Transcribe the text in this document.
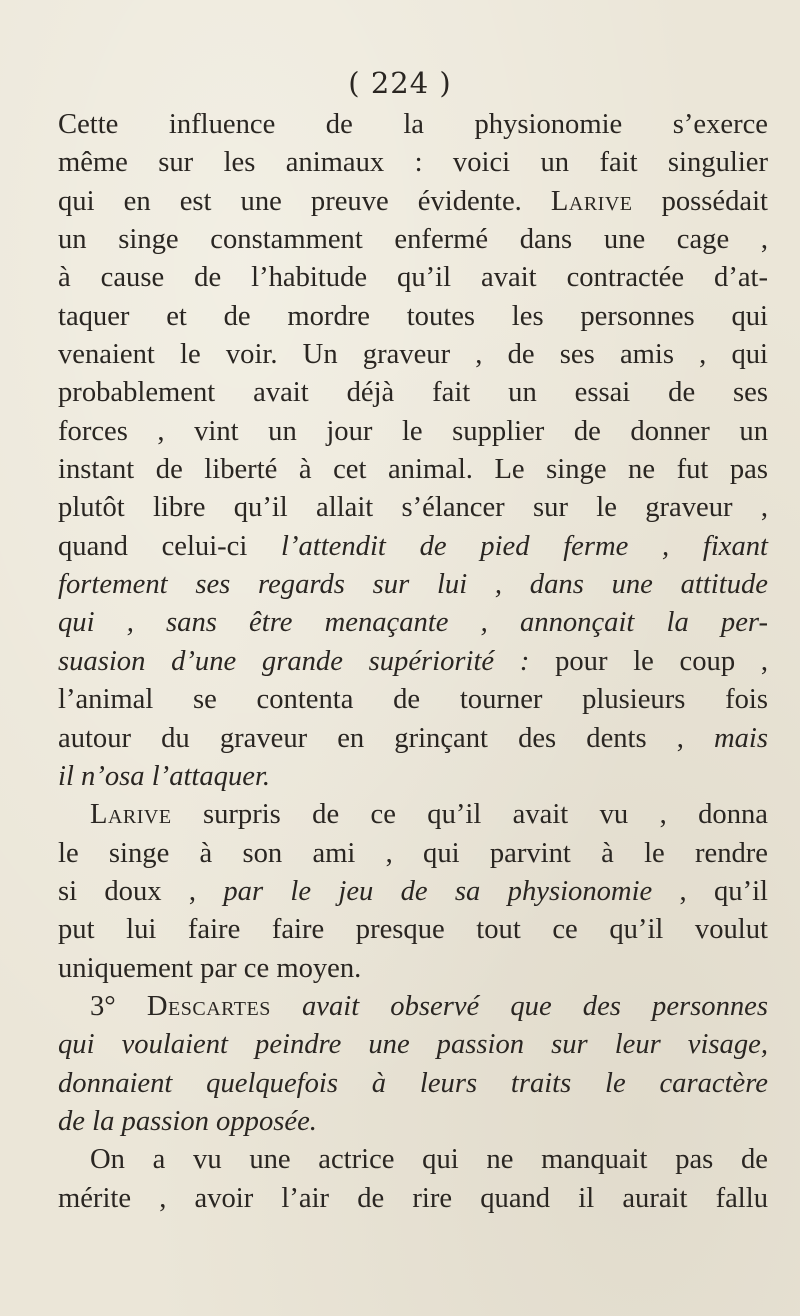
( 224 )
Cette influence de la physionomie s’exerce
même sur les animaux : voici un fait singulier
qui en est une preuve évidente. Larive possédait
un singe constamment enfermé dans une cage ,
à cause de l’habitude qu’il avait contractée d’at-
taquer et de mordre toutes les personnes qui
venaient le voir. Un graveur , de ses amis , qui
probablement avait déjà fait un essai de ses
forces , vint un jour le supplier de donner un
instant de liberté à cet animal. Le singe ne fut pas
plutôt libre qu’il allait s’élancer sur le graveur ,
quand celui-ci l’attendit de pied ferme , fixant
fortement ses regards sur lui , dans une attitude
qui , sans être menaçante , annonçait la per-
suasion d’une grande supériorité : pour le coup ,
l’animal se contenta de tourner plusieurs fois
autour du graveur en grinçant des dents , mais
il n’osa l’attaquer.
Larive surpris de ce qu’il avait vu , donna
le singe à son ami , qui parvint à le rendre
si doux , par le jeu de sa physionomie , qu’il
put lui faire faire presque tout ce qu’il voulut
uniquement par ce moyen.
3° Descartes avait observé que des personnes
qui voulaient peindre une passion sur leur visage,
donnaient quelquefois à leurs traits le caractère
de la passion opposée.
On a vu une actrice qui ne manquait pas de
mérite , avoir l’air de rire quand il aurait fallu
